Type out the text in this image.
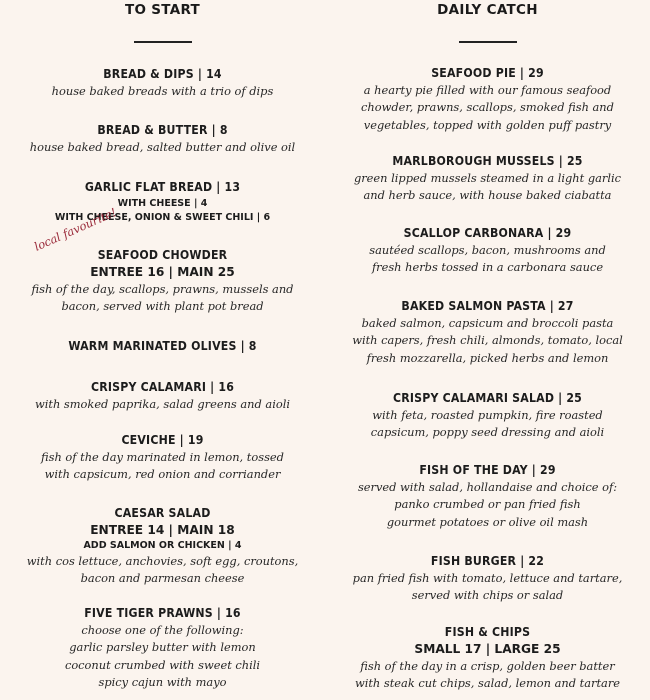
TO START
BREAD & DIPS | 14
house baked breads with a trio of dips
BREAD & BUTTER | 8
house baked bread, salted butter and olive oil
GARLIC FLAT BREAD | 13
WITH CHEESE | 4
WITH CHEESE, ONION & SWEET CHILI | 6
SEAFOOD CHOWDER
ENTREE 16 | MAIN 25
fish of the day, scallops, prawns, mussels and
bacon, served with plant pot bread
WARM MARINATED OLIVES | 8
CRISPY CALAMARI | 16
with smoked paprika, salad greens and aioli
CEVICHE | 19
fish of the day marinated in lemon, tossed
with capsicum, red onion and corriander
CAESAR SALAD
ENTREE 14 | MAIN 18
ADD SALMON OR CHICKEN | 4
with cos lettuce, anchovies, soft egg, croutons,
bacon and parmesan cheese
FIVE TIGER PRAWNS | 16
choose one of the following:
garlic parsley butter with lemon
coconut crumbed with sweet chili
spicy cajun with mayo
local favourite!
DAILY CATCH
SEAFOOD PIE | 29
a hearty pie filled with our famous seafood
chowder, prawns, scallops, smoked fish and
vegetables, topped with golden puff pastry
MARLBOROUGH MUSSELS | 25
green lipped mussels steamed in a light garlic
and herb sauce, with house baked ciabatta
SCALLOP CARBONARA | 29
sautéed scallops, bacon, mushrooms and
fresh herbs tossed in a carbonara sauce
BAKED SALMON PASTA | 27
baked salmon, capsicum and broccoli pasta
with capers, fresh chili, almonds, tomato, local
fresh mozzarella, picked herbs and lemon
CRISPY CALAMARI SALAD | 25
with feta, roasted pumpkin, fire roasted
capsicum, poppy seed dressing and aioli
FISH OF THE DAY | 29
served with salad, hollandaise and choice of:
panko crumbed or pan fried fish
gourmet potatoes or olive oil mash
FISH BURGER | 22
pan fried fish with tomato, lettuce and tartare,
served with chips or salad
FISH & CHIPS
SMALL 17 | LARGE 25
fish of the day in a crisp, golden beer batter
with steak cut chips, salad, lemon and tartare
